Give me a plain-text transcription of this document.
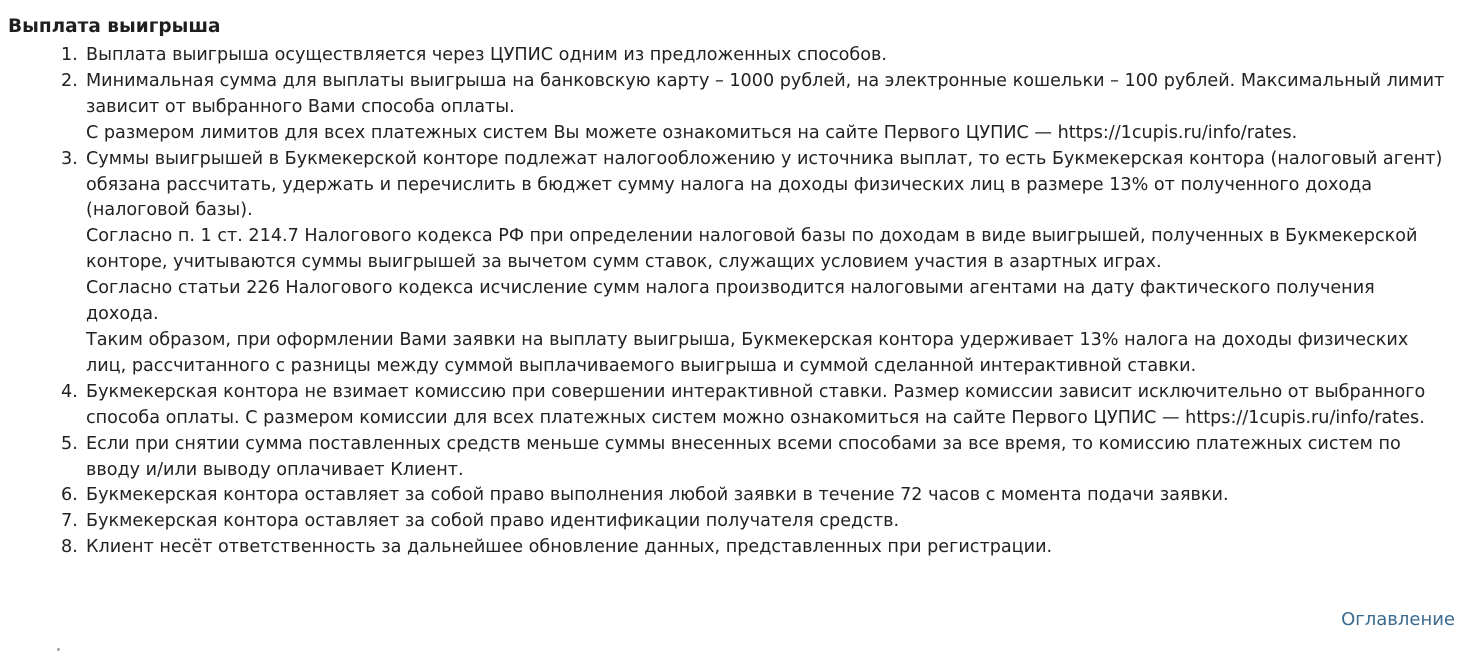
Выплата выигрыша
1. Выплата выигрыша осуществляется через ЦУПИС одним из предложенных способов.
2. Минимальная сумма для выплаты выигрыша на банковскую карту – 1000 рублей, на электронные кошельки – 100 рублей. Максимальный лимит зависит от выбранного Вами способа оплаты.
С размером лимитов для всех платежных систем Вы можете ознакомиться на сайте Первого ЦУПИС — https://1cupis.ru/info/rates.
3. Суммы выигрышей в Букмекерской конторе подлежат налогообложению у источника выплат, то есть Букмекерская контора (налоговый агент) обязана рассчитать, удержать и перечислить в бюджет сумму налога на доходы физических лиц в размере 13% от полученного дохода (налоговой базы).
Согласно п. 1 ст. 214.7 Налогового кодекса РФ при определении налоговой базы по доходам в виде выигрышей, полученных в Букмекерской конторе, учитываются суммы выигрышей за вычетом сумм ставок, служащих условием участия в азартных играх.
Согласно статьи 226 Налогового кодекса исчисление сумм налога производится налоговыми агентами на дату фактического получения дохода.
Таким образом, при оформлении Вами заявки на выплату выигрыша, Букмекерская контора удерживает 13% налога на доходы физических лиц, рассчитанного с разницы между суммой выплачиваемого выигрыша и суммой сделанной интерактивной ставки.
4. Букмекерская контора не взимает комиссию при совершении интерактивной ставки. Размер комиссии зависит исключительно от выбранного способа оплаты. С размером комиссии для всех платежных систем можно ознакомиться на сайте Первого ЦУПИС — https://1cupis.ru/info/rates.
5. Если при снятии сумма поставленных средств меньше суммы внесенных всеми способами за все время, то комиссию платежных систем по вводу и/или выводу оплачивает Клиент.
6. Букмекерская контора оставляет за собой право выполнения любой заявки в течение 72 часов с момента подачи заявки.
7. Букмекерская контора оставляет за собой право идентификации получателя средств.
8. Клиент несёт ответственность за дальнейшее обновление данных, представленных при регистрации.
Оглавление
